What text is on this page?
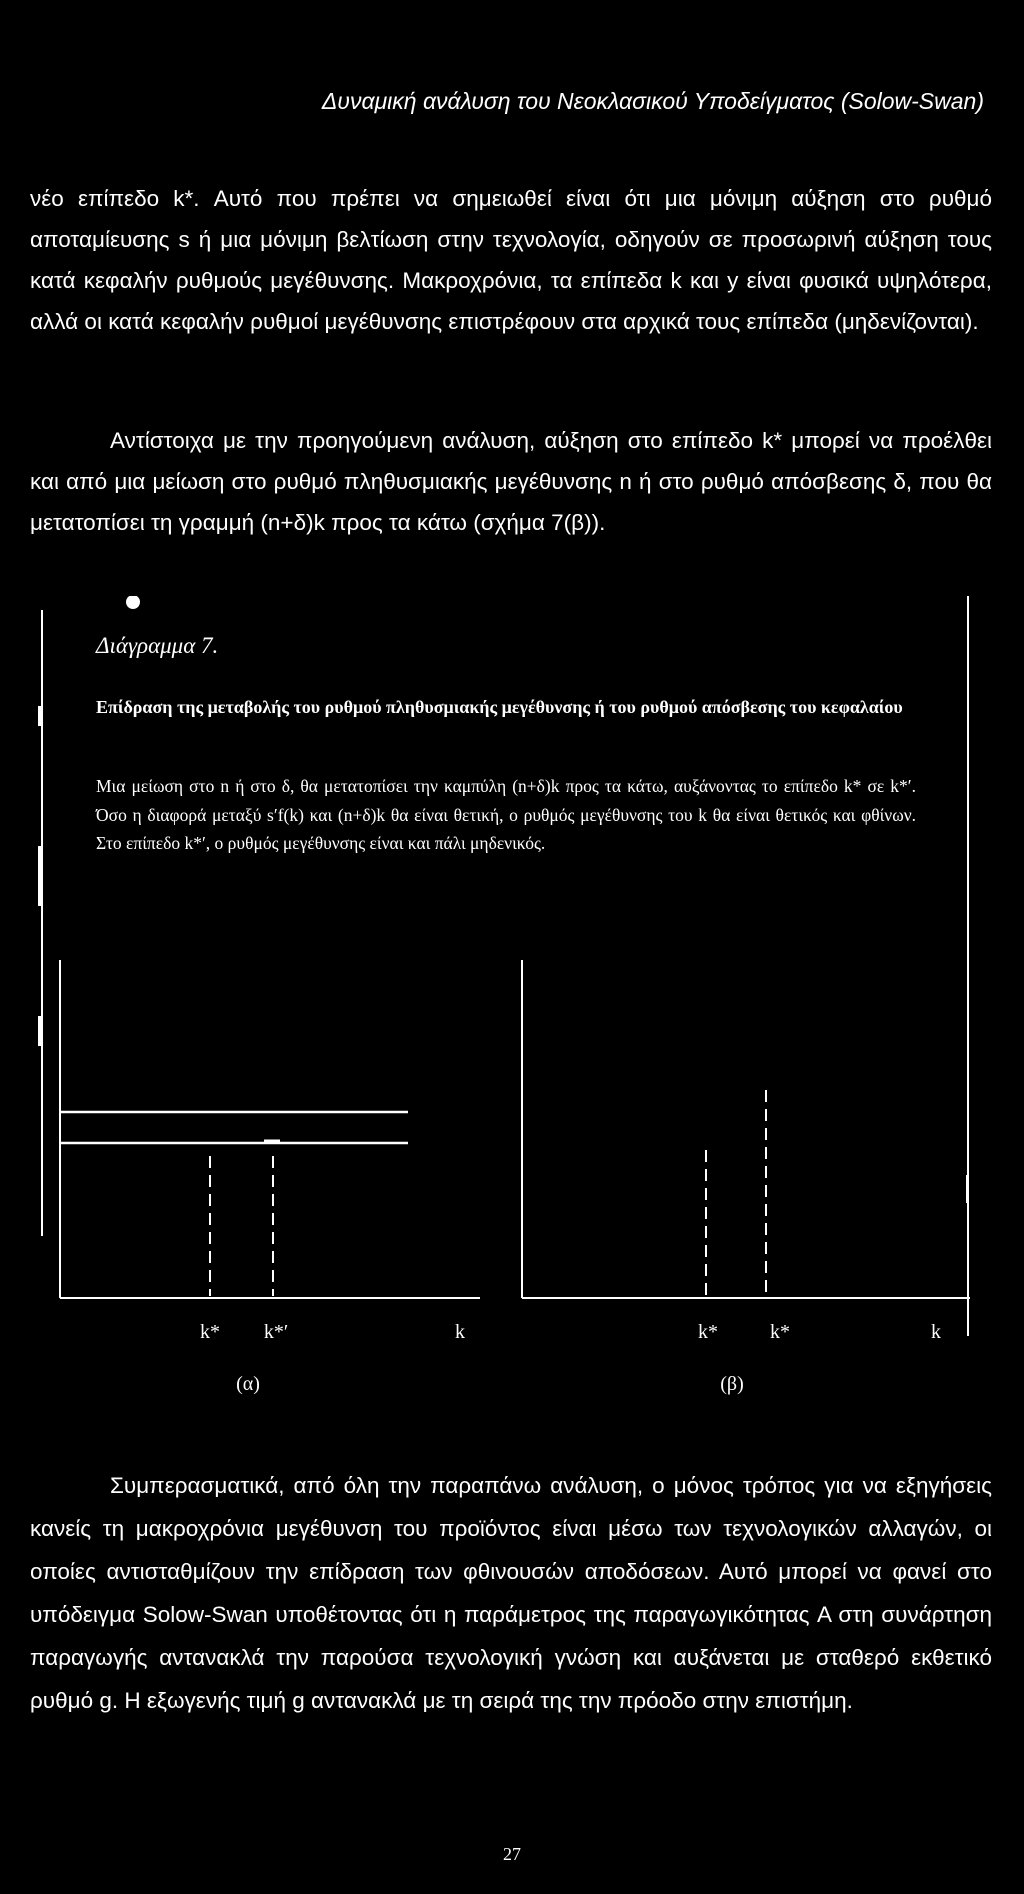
Δυναμική ανάλυση του Νεοκλασικού Υποδείγματος (Solow-Swan)

νέο επίπεδο k*. Αυτό που πρέπει να σημειωθεί είναι ότι μια μόνιμη αύξηση στο ρυθμό αποταμίευσης s ή μια μόνιμη βελτίωση στην τεχνολογία, οδηγούν σε προσωρινή αύξηση τους κατά κεφαλήν ρυθμούς μεγέθυνσης. Μακροχρόνια, τα επίπεδα k και y είναι φυσικά υψηλότερα, αλλά οι κατά κεφαλήν ρυθμοί μεγέθυνσης επιστρέφουν στα αρχικά τους επίπεδα (μηδενίζονται).

Αντίστοιχα με την προηγούμενη ανάλυση, αύξηση στο επίπεδο k* μπορεί να προέλθει και από μια μείωση στο ρυθμό πληθυσμιακής μεγέθυνσης n ή στο ρυθμό απόσβεσης δ, που θα μετατοπίσει τη γραμμή (n+δ)k προς τα κάτω (σχήμα 7(β)).

Διάγραμμα 7.
Επίδραση της μεταβολής του ρυθμού πληθυσμιακής μεγέθυνσης ή του ρυθμού απόσβεσης του κεφαλαίου
Μια μείωση στο n ή στο δ, θα μετατοπίσει την καμπύλη (n+δ)k προς τα κάτω, αυξάνοντας το επίπεδο k* σε k*′. Όσο η διαφορά μεταξύ s′f(k) και (n+δ)k θα είναι θετική, ο ρυθμός μεγέθυνσης του k θα είναι θετικός και φθίνων. Στο επίπεδο k*′, ο ρυθμός μεγέθυνσης είναι και πάλι μηδενικός.
k* k*′	k
(α)
k*	k*	k
(β)

Συμπερασματικά, από όλη την παραπάνω ανάλυση, ο μόνος τρόπος για να εξηγήσεις κανείς τη μακροχρόνια μεγέθυνση του προϊόντος είναι μέσω των τεχνολογικών αλλαγών, οι οποίες αντισταθμίζουν την επίδραση των φθινουσών αποδόσεων. Αυτό μπορεί να φανεί στο υπόδειγμα Solow-Swan υποθέτοντας ότι η παράμετρος της παραγωγικότητας A στη συνάρτηση παραγωγής αντανακλά την παρούσα τεχνολογική γνώση και αυξάνεται με σταθερό εκθετικό ρυθμό g. Η εξωγενής τιμή g αντανακλά με τη σειρά της την πρόοδο στην επιστήμη.

27
